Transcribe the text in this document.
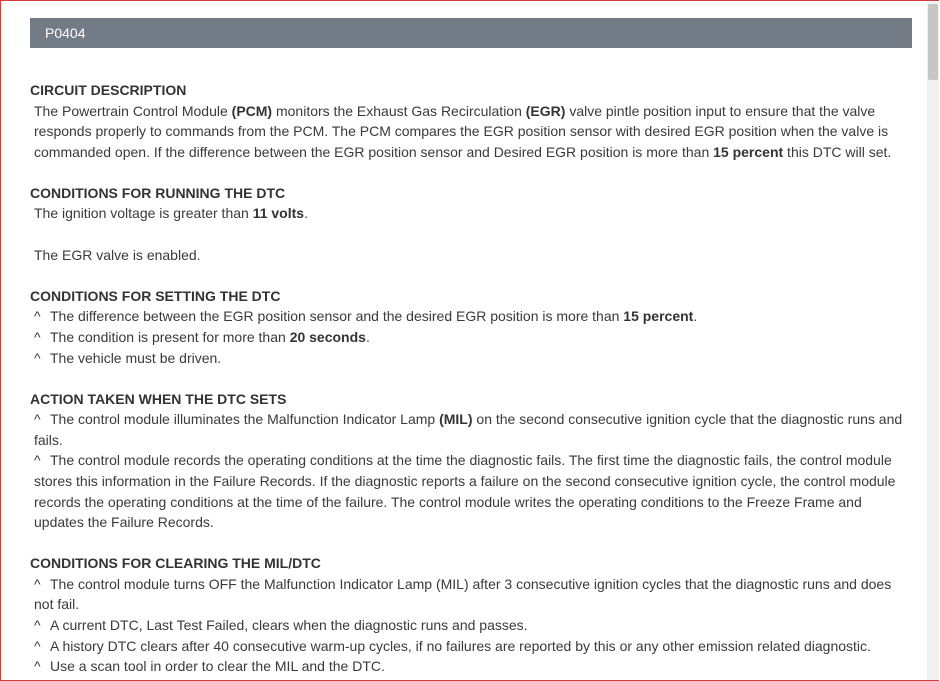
P0404
CIRCUIT DESCRIPTION
The Powertrain Control Module (PCM) monitors the Exhaust Gas Recirculation (EGR) valve pintle position input to ensure that the valve responds properly to commands from the PCM. The PCM compares the EGR position sensor with desired EGR position when the valve is commanded open. If the difference between the EGR position sensor and Desired EGR position is more than 15 percent this DTC will set.
CONDITIONS FOR RUNNING THE DTC
The ignition voltage is greater than 11 volts.
The EGR valve is enabled.
CONDITIONS FOR SETTING THE DTC
^ The difference between the EGR position sensor and the desired EGR position is more than 15 percent.
^ The condition is present for more than 20 seconds.
^ The vehicle must be driven.
ACTION TAKEN WHEN THE DTC SETS
^ The control module illuminates the Malfunction Indicator Lamp (MIL) on the second consecutive ignition cycle that the diagnostic runs and fails.
^ The control module records the operating conditions at the time the diagnostic fails. The first time the diagnostic fails, the control module stores this information in the Failure Records. If the diagnostic reports a failure on the second consecutive ignition cycle, the control module records the operating conditions at the time of the failure. The control module writes the operating conditions to the Freeze Frame and updates the Failure Records.
CONDITIONS FOR CLEARING THE MIL/DTC
^ The control module turns OFF the Malfunction Indicator Lamp (MIL) after 3 consecutive ignition cycles that the diagnostic runs and does not fail.
^ A current DTC, Last Test Failed, clears when the diagnostic runs and passes.
^ A history DTC clears after 40 consecutive warm-up cycles, if no failures are reported by this or any other emission related diagnostic.
^ Use a scan tool in order to clear the MIL and the DTC.
